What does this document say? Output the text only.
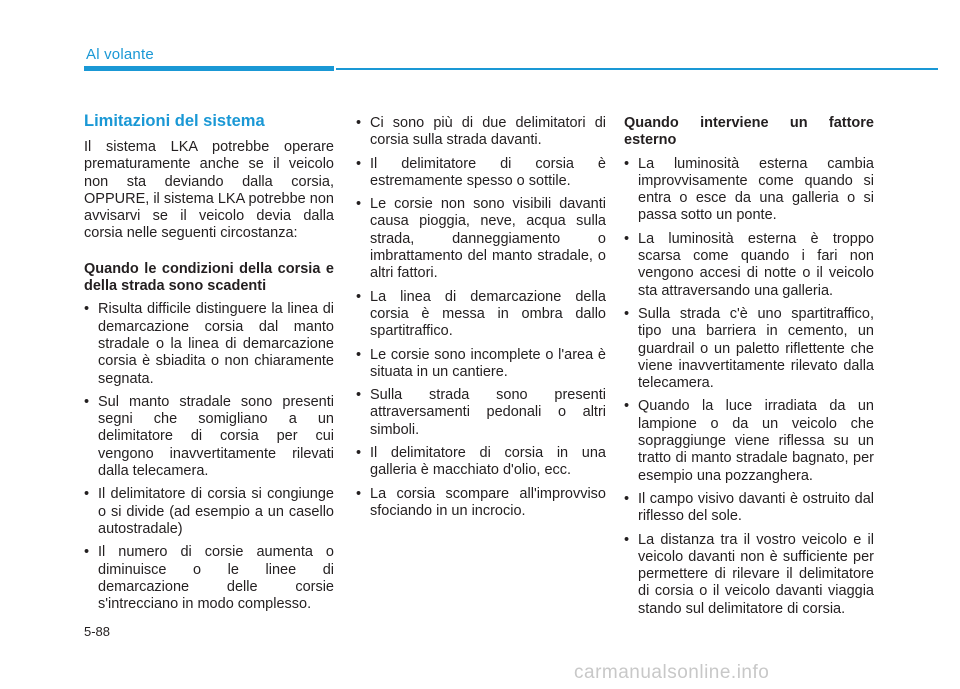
Al volante
Limitazioni del sistema
Il sistema LKA potrebbe operare prematuramente anche se il veicolo non sta deviando dalla corsia, OPPURE, il sistema LKA potrebbe non avvisarvi se il veicolo devia dalla corsia nelle seguenti circostanza:
Quando le condizioni della corsia e della strada sono scadenti
• Risulta difficile distinguere la linea di demarcazione corsia dal manto stradale o la linea di demarcazione corsia è sbiadita o non chiaramente segnata.
• Sul manto stradale sono presenti segni che somigliano a un delimitatore di corsia per cui vengono inavvertitamente rilevati dalla telecamera.
• Il delimitatore di corsia si congiunge o si divide (ad esempio a un casello autostradale)
• Il numero di corsie aumenta o diminuisce o le linee di demarcazione delle corsie s'intrecciano in modo complesso.
• Ci sono più di due delimitatori di corsia sulla strada davanti.
• Il delimitatore di corsia è estremamente spesso o sottile.
• Le corsie non sono visibili davanti causa pioggia, neve, acqua sulla strada, danneggiamento o imbrattamento del manto stradale, o altri fattori.
• La linea di demarcazione della corsia è messa in ombra dallo spartitraffico.
• Le corsie sono incomplete o l'area è situata in un cantiere.
• Sulla strada sono presenti attraversamenti pedonali o altri simboli.
• Il delimitatore di corsia in una galleria è macchiato d'olio, ecc.
• La corsia scompare all'improvviso sfociando in un incrocio.
Quando interviene un fattore esterno
• La luminosità esterna cambia improvvisamente come quando si entra o esce da una galleria o si passa sotto un ponte.
• La luminosità esterna è troppo scarsa come quando i fari non vengono accesi di notte o il veicolo sta attraversando una galleria.
• Sulla strada c'è uno spartitraffico, tipo una barriera in cemento, un guardrail o un paletto riflettente che viene inavvertitamente rilevato dalla telecamera.
• Quando la luce irradiata da un lampione o da un veicolo che sopraggiunge viene riflessa su un tratto di manto stradale bagnato, per esempio una pozzanghera.
• Il campo visivo davanti è ostruito dal riflesso del sole.
• La distanza tra il vostro veicolo e il veicolo davanti non è sufficiente per permettere di rilevare il delimitatore di corsia o il veicolo davanti viaggia stando sul delimitatore di corsia.
5-88
carmanualsonline.info
